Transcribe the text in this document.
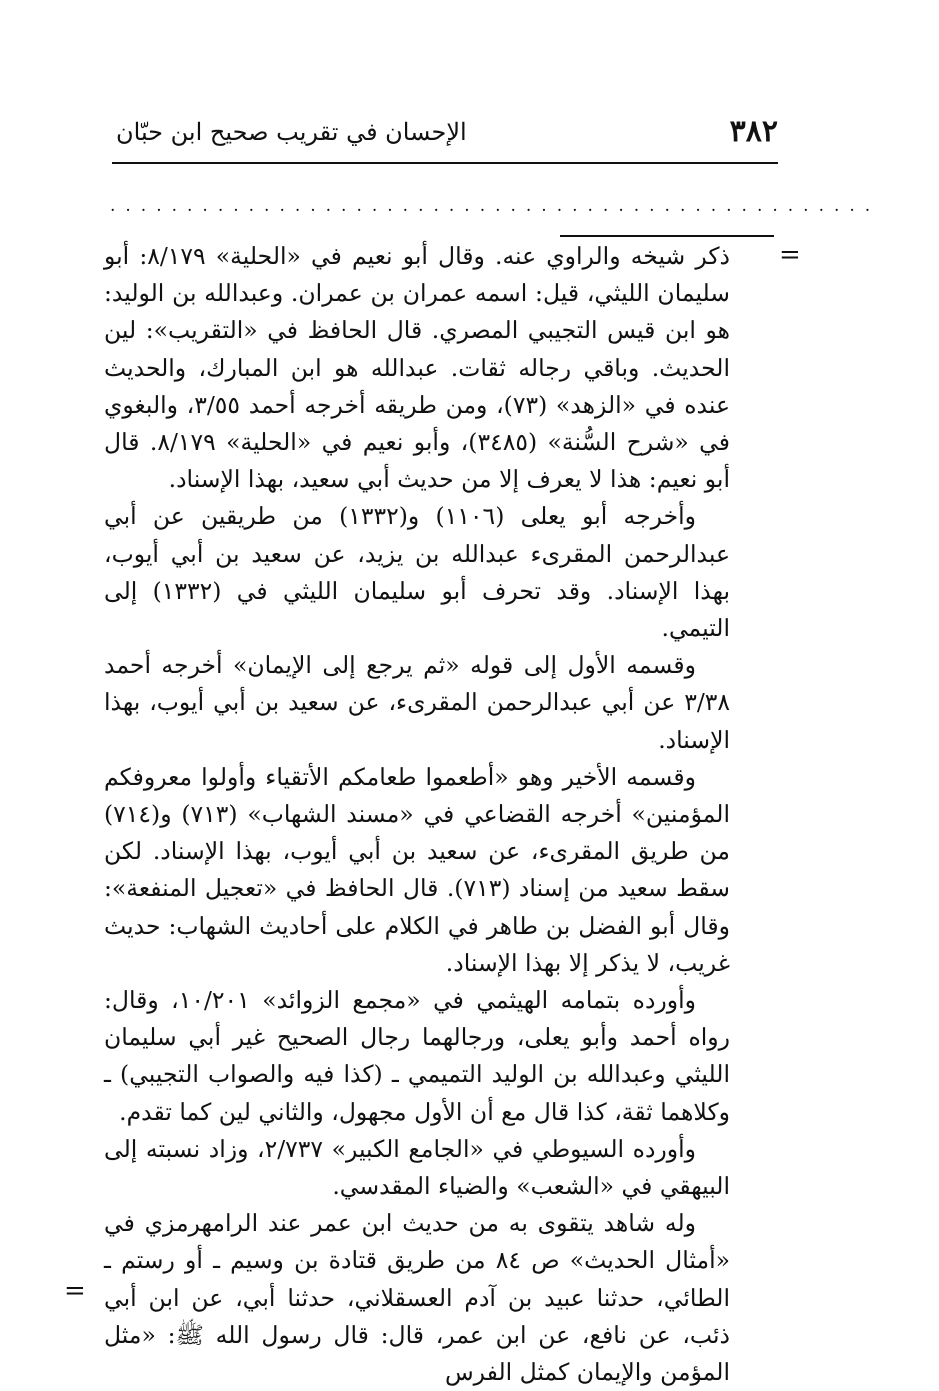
٣٨٢
الإحسان في تقريب صحيح ابن حبّان
..................................................
=

ذكر شيخه والراوي عنه. وقال أبو نعيم في «الحلية» ٨/١٧٩: أبو سليمان الليثي، قيل: اسمه عمران بن عمران. وعبدالله بن الوليد: هو ابن قيس التجيبي المصري. قال الحافظ في «التقريب»: لين الحديث. وباقي رجاله ثقات. عبدالله هو ابن المبارك، والحديث عنده في «الزهد» (٧٣)، ومن طريقه أخرجه أحمد ٣/٥٥، والبغوي في «شرح السُّنة» (٣٤٨٥)، وأبو نعيم في «الحلية» ٨/١٧٩. قال أبو نعيم: هذا لا يعرف إلا من حديث أبي سعيد، بهذا الإسناد.

وأخرجه أبو يعلى (١١٠٦) و(١٣٣٢) من طريقين عن أبي عبدالرحمن المقرىء عبدالله بن يزيد، عن سعيد بن أبي أيوب، بهذا الإسناد. وقد تحرف أبو سليمان الليثي في (١٣٣٢) إلى التيمي.

وقسمه الأول إلى قوله «ثم يرجع إلى الإيمان» أخرجه أحمد ٣/٣٨ عن أبي عبدالرحمن المقرىء، عن سعيد بن أبي أيوب، بهذا الإسناد.

وقسمه الأخير وهو «أطعموا طعامكم الأتقياء وأولوا معروفكم المؤمنين» أخرجه القضاعي في «مسند الشهاب» (٧١٣) و(٧١٤) من طريق المقرىء، عن سعيد بن أبي أيوب، بهذا الإسناد. لكن سقط سعيد من إسناد (٧١٣). قال الحافظ في «تعجيل المنفعة»: وقال أبو الفضل بن طاهر في الكلام على أحاديث الشهاب: حديث غريب، لا يذكر إلا بهذا الإسناد.

وأورده بتمامه الهيثمي في «مجمع الزوائد» ١٠/٢٠١، وقال: رواه أحمد وأبو يعلى، ورجالهما رجال الصحيح غير أبي سليمان الليثي وعبدالله بن الوليد التميمي ـ (كذا فيه والصواب التجيبي) ـ وكلاهما ثقة، كذا قال مع أن الأول مجهول، والثاني لين كما تقدم.

وأورده السيوطي في «الجامع الكبير» ٢/٧٣٧، وزاد نسبته إلى البيهقي في «الشعب» والضياء المقدسي.

وله شاهد يتقوى به من حديث ابن عمر عند الرامهرمزي في «أمثال الحديث» ص ٨٤ من طريق قتادة بن وسيم ـ أو رستم ـ الطائي، حدثنا عبيد بن آدم العسقلاني، حدثنا أبي، عن ابن أبي ذئب، عن نافع، عن ابن عمر، قال: قال رسول الله ﷺ: «مثل المؤمن والإيمان كمثل الفرس

=
